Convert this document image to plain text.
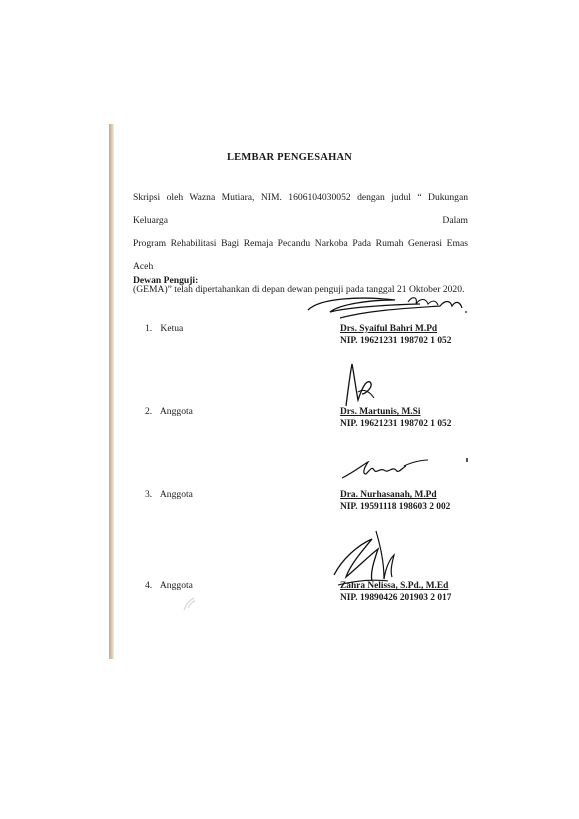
LEMBAR PENGESAHAN
Skripsi oleh Wazna Mutiara, NIM. 1606104030052 dengan judul “ Dukungan Keluarga Dalam
Program Rehabilitasi Bagi Remaja Pecandu Narkoba Pada Rumah Generasi Emas Aceh
(GEMA)” telah dipertahankan di depan dewan penguji pada tanggal 21 Oktober 2020.
Dewan Penguji:
1. Ketua	Drs. Syaiful Bahri M.Pd
NIP. 19621231 198702 1 052
2. Anggota	Drs. Martunis, M.Si
NIP. 19621231 198702 1 052
3. Anggota	Dra. Nurhasanah, M.Pd
NIP. 19591118 198603 2 002
4. Anggota	Zahra Nelissa, S.Pd., M.Ed
NIP. 19890426 201903 2 017
